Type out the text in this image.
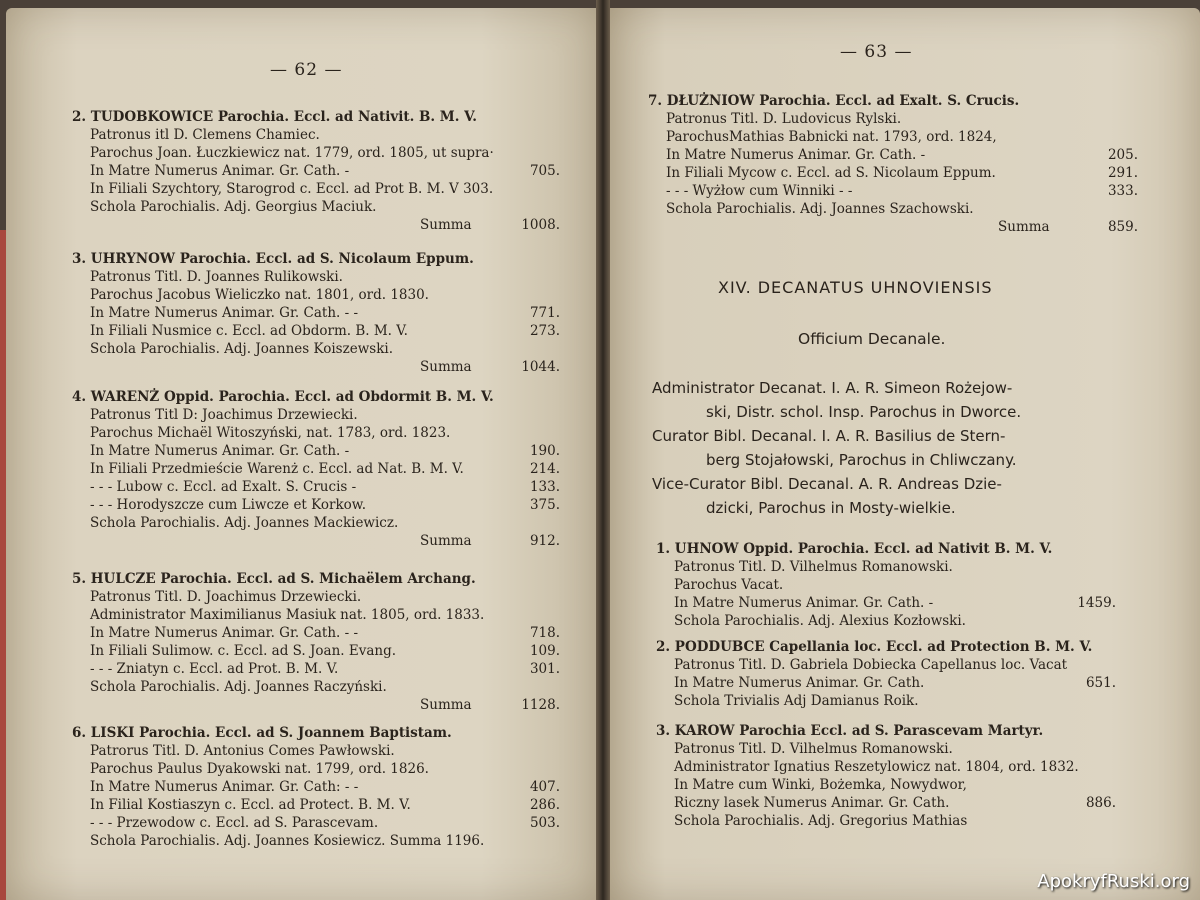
— 62 —
— 63 —
2. TUDOBKOWICE Parochia. Eccl. ad Nativit. B. M. V.
Patronus itl D. Clemens Chamiec.
Parochus Joan. Łuczkiewicz nat. 1779, ord. 1805, ut supra·
In Matre Numerus Animar. Gr. Cath. -	705.
In Filiali Szychtory, Starogrod c. Eccl. ad Prot B. M. V 303.
Schola Parochialis. Adj. Georgius Maciuk.
Summa	1008.
3. UHRYNOW Parochia. Eccl. ad S. Nicolaum Eppum.
Patronus Titl. D. Joannes Rulikowski.
Parochus Jacobus Wieliczko nat. 1801, ord. 1830.
In Matre Numerus Animar. Gr. Cath. - -	771.
In Filiali Nusmice c. Eccl. ad Obdorm. B. M. V.	273.
Schola Parochialis. Adj. Joannes Koiszewski.
Summa	1044.
4. WARENŻ Oppid. Parochia. Eccl. ad Obdormit B. M. V.
Patronus Titl D: Joachimus Drzewiecki.
Parochus Michaël Witoszyński, nat. 1783, ord. 1823.
In Matre Numerus Animar. Gr. Cath. -	190.
In Filiali Przedmieście Warenż c. Eccl. ad Nat. B. M. V.	214.
- - - Lubow c. Eccl. ad Exalt. S. Crucis -	133.
- - - Horodyszcze cum Liwcze et Korkow.	375.
Schola Parochialis. Adj. Joannes Mackiewicz.
Summa	912.
5. HULCZE Parochia. Eccl. ad S. Michaëlem Archang.
Patronus Titl. D. Joachimus Drzewiecki.
Administrator Maximilianus Masiuk nat. 1805, ord. 1833.
In Matre Numerus Animar. Gr. Cath. - -	718.
In Filiali Sulimow. c. Eccl. ad S. Joan. Evang.	109.
- - - Zniatyn c. Eccl. ad Prot. B. M. V.	301.
Schola Parochialis. Adj. Joannes Raczyński.
Summa	1128.
6. LISKI Parochia. Eccl. ad S. Joannem Baptistam.
Patrorus Titl. D. Antonius Comes Pawłowski.
Parochus Paulus Dyakowski nat. 1799, ord. 1826.
In Matre Numerus Animar. Gr. Cath: - -	407.
In Filial Kostiaszyn c. Eccl. ad Protect. B. M. V.	286.
- - - Przewodow c. Eccl. ad S. Parascevam.	503.
Schola Parochialis. Adj. Joannes Kosiewicz. Summa 1196.
7. DŁUŻNIOW Parochia. Eccl. ad Exalt. S. Crucis.
Patronus Titl. D. Ludovicus Rylski.
ParochusMathias Babnicki nat. 1793, ord. 1824,
In Matre Numerus Animar. Gr. Cath. -	205.
In Filiali Mycow c. Eccl. ad S. Nicolaum Eppum.	291.
- - - Wyżłow cum Winniki - -	333.
Schola Parochialis. Adj. Joannes Szachowski.
Summa	859.
XIV. DECANATUS UHNOVIENSIS
Officium Decanale.
Administrator Decanat. I. A. R. Simeon Rożejow-
ski, Distr. schol. Insp. Parochus in Dworce.
Curator Bibl. Decanal. I. A. R. Basilius de Stern-
berg Stojałowski, Parochus in Chliwczany.
Vice-Curator Bibl. Decanal. A. R. Andreas Dzie-
dzicki, Parochus in Mosty-wielkie.
1. UHNOW Oppid. Parochia. Eccl. ad Nativit B. M. V.
Patronus Titl. D. Vilhelmus Romanowski.
Parochus Vacat.
In Matre Numerus Animar. Gr. Cath. -	1459.
Schola Parochialis. Adj. Alexius Kozłowski.
2. PODDUBCE Capellania loc. Eccl. ad Protection B. M. V.
Patronus Titl. D. Gabriela Dobiecka Capellanus loc. Vacat
In Matre Numerus Animar. Gr. Cath.	651.
Schola Trivialis Adj Damianus Roik.
3. KAROW Parochia Eccl. ad S. Parascevam Martyr.
Patronus Titl. D. Vilhelmus Romanowski.
Administrator Ignatius Reszetylowicz nat. 1804, ord. 1832.
In Matre cum Winki, Bożemka, Nowydwor,
Riczny lasek Numerus Animar. Gr. Cath.	886.
Schola Parochialis. Adj. Gregorius Mathias
ApokryfRuski.org
